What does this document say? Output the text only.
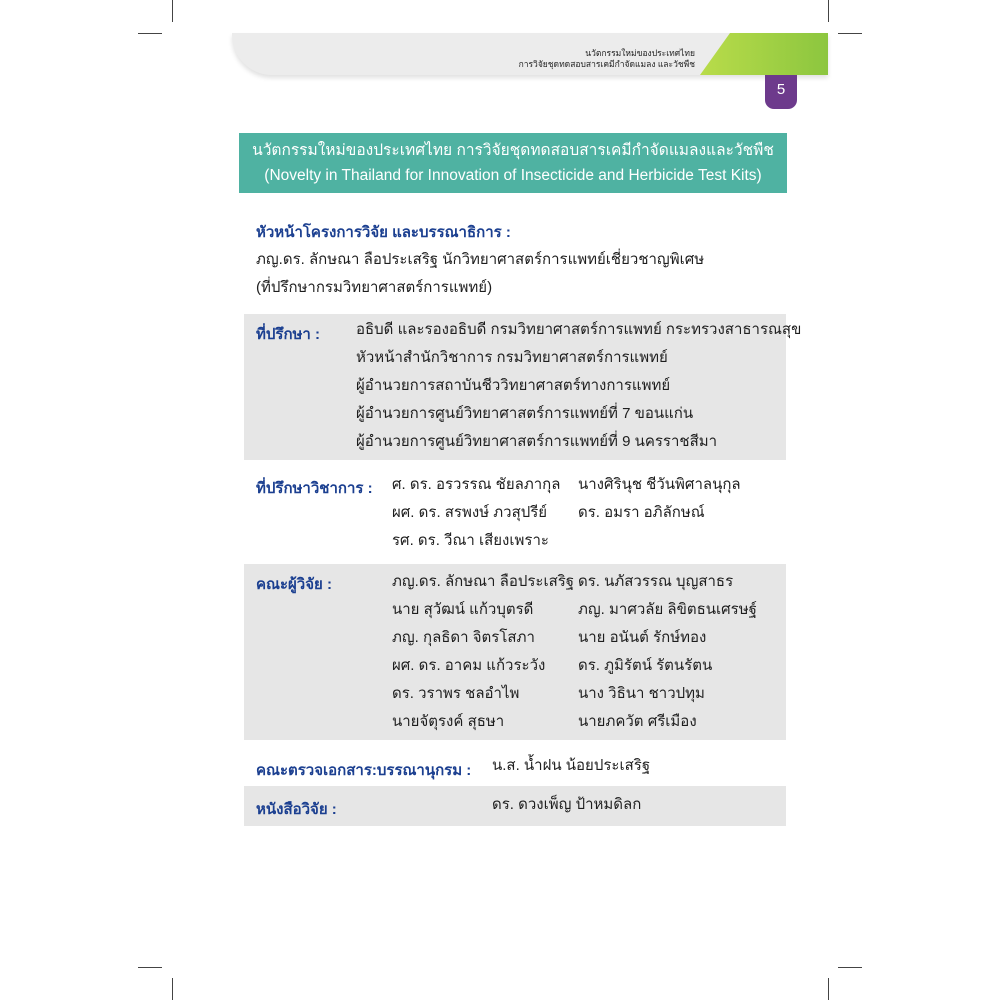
นวัตกรรมใหม่ของประเทศไทย
การวิจัยชุดทดสอบสารเคมีกำจัดแมลง และวัชพืช
5
นวัตกรรมใหม่ของประเทศไทย การวิจัยชุดทดสอบสารเคมีกำจัดแมลงและวัชพืช
(Novelty in Thailand for Innovation of Insecticide and Herbicide Test Kits)
หัวหน้าโครงการวิจัย และบรรณาธิการ :
ภญ.ดร. ลักษณา ลือประเสริฐ นักวิทยาศาสตร์การแพทย์เชี่ยวชาญพิเศษ
(ที่ปรึกษากรมวิทยาศาสตร์การแพทย์)
ที่ปรึกษา : อธิบดี และรองอธิบดี กรมวิทยาศาสตร์การแพทย์ กระทรวงสาธารณสุข
หัวหน้าสำนักวิชาการ กรมวิทยาศาสตร์การแพทย์
ผู้อำนวยการสถาบันชีววิทยาศาสตร์ทางการแพทย์
ผู้อำนวยการศูนย์วิทยาศาสตร์การแพทย์ที่ 7 ขอนแก่น
ผู้อำนวยการศูนย์วิทยาศาสตร์การแพทย์ที่ 9 นครราชสีมา
ที่ปรึกษาวิชาการ : ศ. ดร. อรวรรณ ชัยลภากุล
ผศ. ดร. สรพงษ์ ภวสุปรีย์
รศ. ดร. วีณา เสียงเพราะ
นางศิรินุช ชีวันพิศาลนุกุล
ดร. อมรา อภิลักษณ์
คณะผู้วิจัย :	ภญ.ดร. ลักษณา ลือประเสริฐ
นาย สุวัฒน์ แก้วบุตรดี
ภญ. กุลธิดา จิตรโสภา
ผศ. ดร. อาคม แก้วระวัง
ดร. วราพร ชลอำไพ
นายจัตุรงค์ สุธษา
ดร. นภัสวรรณ บุญสาธร
ภญ. มาศวลัย ลิขิตธนเศรษฐ์
นาย อนันต์ รักษ์ทอง
ดร. ภูมิรัตน์ รัตนรัตน
นาง วิธินา ชาวปทุม
นายภควัต ศรีเมือง
คณะตรวจเอกสาร:บรรณานุกรม : น.ส. น้ำฝน น้อยประเสริฐ
หนังสือวิจัย :	ดร. ดวงเพ็ญ ป้าหมดิลก
